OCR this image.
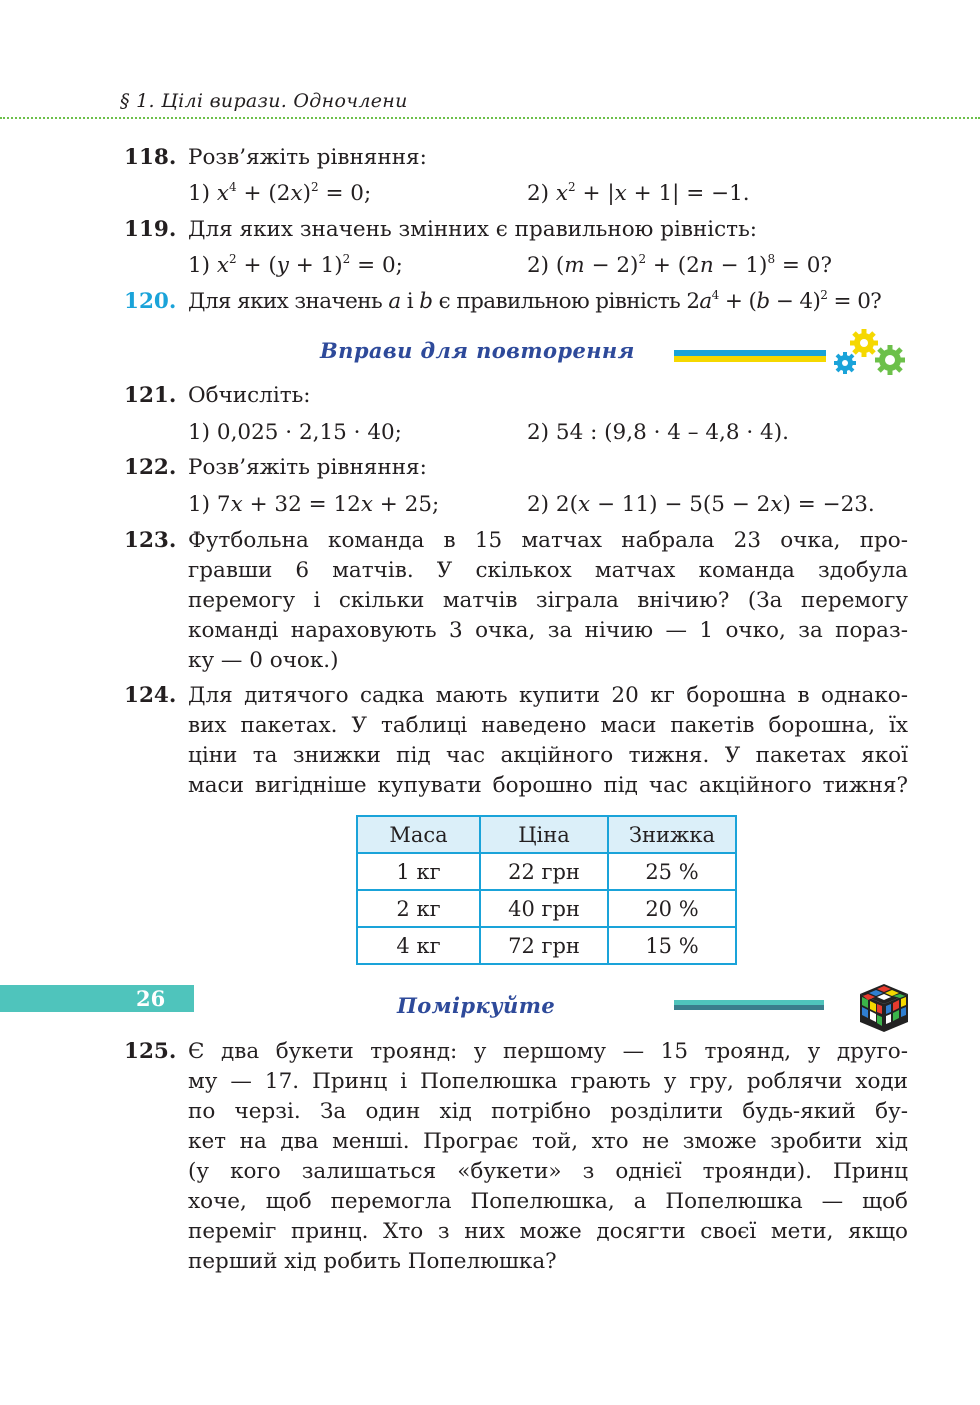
§ 1. Цілі вирази. Одночлени
118. Розв’яжіть рівняння:
1) $x^4 + (2x)^2 = 0$;	2) $x^2 + |x + 1| = -1$.
119. Для яких значень змінних є правильною рівність:
1) $x^2 + (y + 1)^2 = 0$;	2) $(m - 2)^2 + (2n - 1)^8 = 0$?
120. Для яких значень a і b є правильною рівність $2a^4 + (b - 4)^2 = 0$?
Вправи для повторення
121. Обчисліть:
1) 0,025 · 2,15 · 40;	2) 54 : (9,8 · 4 – 4,8 · 4).
122. Розв’яжіть рівняння:
1) 7x + 32 = 12x + 25;	2) 2(x − 11) − 5(5 − 2x) = −23.
123. Футбольна команда в 15 матчах набрала 23 очка, про-
гравши 6 матчів. У скількох матчах команда здобула
перемогу і скільки матчів зіграла внічию? (За перемогу
команді нараховують 3 очка, за нічию — 1 очко, за пораз-
ку — 0 очок.)
124. Для дитячого садка мають купити 20 кг борошна в однако-
вих пакетах. У таблиці наведено маси пакетів борошна, їх
ціни та знижки під час акційного тижня. У пакетах якої
маси вигідніше купувати борошно під час акційного тижня?
Маса	Ціна	Знижка
1 кг	22 грн	25 %
2 кг	40 грн	20 %
4 кг	72 грн	15 %
Поміркуйте
125. Є два букети троянд: у першому — 15 троянд, у друго-
му — 17. Принц і Попелюшка грають у гру, роблячи ходи
по черзі. За один хід потрібно розділити будь-який бу-
кет на два менші. Програє той, хто не зможе зробити хід
(у кого залишаться «букети» з однієї троянди). Принц
хоче, щоб перемогла Попелюшка, а Попелюшка — щоб
переміг принц. Хто з них може досягти своєї мети, якщо
перший хід робить Попелюшка?
26
